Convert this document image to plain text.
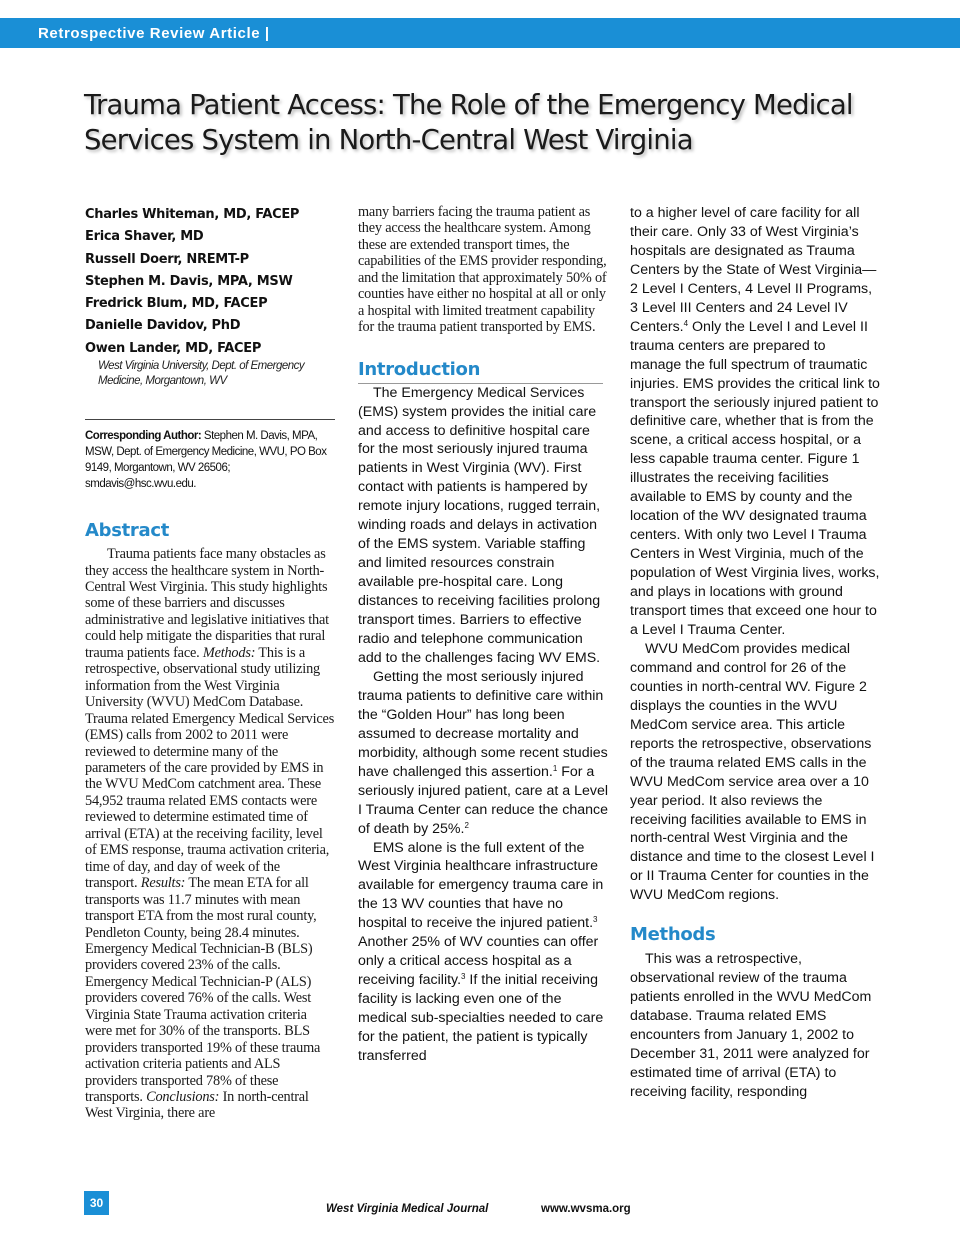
Retrospective Review Article |
Trauma Patient Access: The Role of the Emergency Medical Services System in North-Central West Virginia
Charles Whiteman, MD, FACEP
Erica Shaver, MD
Russell Doerr, NREMT-P
Stephen M. Davis, MPA, MSW
Fredrick Blum, MD, FACEP
Danielle Davidov, PhD
Owen Lander, MD, FACEP
West Virginia University, Dept. of Emergency Medicine, Morgantown, WV
Corresponding Author: Stephen M. Davis, MPA, MSW, Dept. of Emergency Medicine, WVU, PO Box 9149, Morgantown, WV 26506; smdavis@hsc.wvu.edu.
Abstract

Trauma patients face many obstacles as they access the healthcare system in North-Central West Virginia. This study highlights some of these barriers and discusses administrative and legislative initiatives that could help mitigate the disparities that rural trauma patients face. Methods: This is a retrospective, observational study utilizing information from the West Virginia University (WVU) MedCom Database. Trauma related Emergency Medical Services (EMS) calls from 2002 to 2011 were reviewed to determine many of the parameters of the care provided by EMS in the WVU MedCom catchment area. These 54,952 trauma related EMS contacts were reviewed to determine estimated time of arrival (ETA) at the receiving facility, level of EMS response, trauma activation criteria, time of day, and day of week of the transport. Results: The mean ETA for all transports was 11.7 minutes with mean transport ETA from the most rural county, Pendleton County, being 28.4 minutes. Emergency Medical Technician-B (BLS) providers covered 23% of the calls. Emergency Medical Technician-P (ALS) providers covered 76% of the calls. West Virginia State Trauma activation criteria were met for 30% of the transports. BLS providers transported 19% of these trauma activation criteria patients and ALS providers transported 78% of these transports. Conclusions: In north-central West Virginia, there are

many barriers facing the trauma patient as they access the healthcare system. Among these are extended transport times, the capabilities of the EMS provider responding, and the limitation that approximately 50% of counties have either no hospital at all or only a hospital with limited treatment capability for the trauma patient transported by EMS.

Introduction

The Emergency Medical Services (EMS) system provides the initial care and access to definitive hospital care for the most seriously injured trauma patients in West Virginia (WV). First contact with patients is hampered by remote injury locations, rugged terrain, winding roads and delays in activation of the EMS system. Variable staffing and limited resources constrain available pre-hospital care. Long distances to receiving facilities prolong transport times. Barriers to effective radio and telephone communication add to the challenges facing WV EMS.

Getting the most seriously injured trauma patients to definitive care within the “Golden Hour” has long been assumed to decrease mortality and morbidity, although some recent studies have challenged this assertion.$^1$ For a seriously injured patient, care at a Level I Trauma Center can reduce the chance of death by 25%.$^2$

EMS alone is the full extent of the West Virginia healthcare infrastructure available for emergency trauma care in the 13 WV counties that have no hospital to receive the injured patient.$^3$ Another 25% of WV counties can offer only a critical access hospital as a receiving facility.$^3$ If the initial receiving facility is lacking even one of the medical sub-specialties needed to care for the patient, the patient is typically transferred

to a higher level of care facility for all their care. Only 33 of West Virginia’s hospitals are designated as Trauma Centers by the State of West Virginia—2 Level I Centers, 4 Level II Programs, 3 Level III Centers and 24 Level IV Centers.$^4$ Only the Level I and Level II trauma centers are prepared to manage the full spectrum of traumatic injuries. EMS provides the critical link to transport the seriously injured patient to definitive care, whether that is from the scene, a critical access hospital, or a less capable trauma center. Figure 1 illustrates the receiving facilities available to EMS by county and the location of the WV designated trauma centers. With only two Level I Trauma Centers in West Virginia, much of the population of West Virginia lives, works, and plays in locations with ground transport times that exceed one hour to a Level I Trauma Center.

WVU MedCom provides medical command and control for 26 of the counties in north-central WV. Figure 2 displays the counties in the WVU MedCom service area. This article reports the retrospective, observations of the trauma related EMS calls in the WVU MedCom service area over a 10 year period. It also reviews the receiving facilities available to EMS in north-central West Virginia and the distance and time to the closest Level I or II Trauma Center for counties in the WVU MedCom regions.

Methods

This was a retrospective, observational review of the trauma patients enrolled in the WVU MedCom database. Trauma related EMS encounters from January 1, 2002 to December 31, 2011 were analyzed for estimated time of arrival (ETA) to receiving facility, responding

30	West Virginia Medical Journal	www.wvsma.org
